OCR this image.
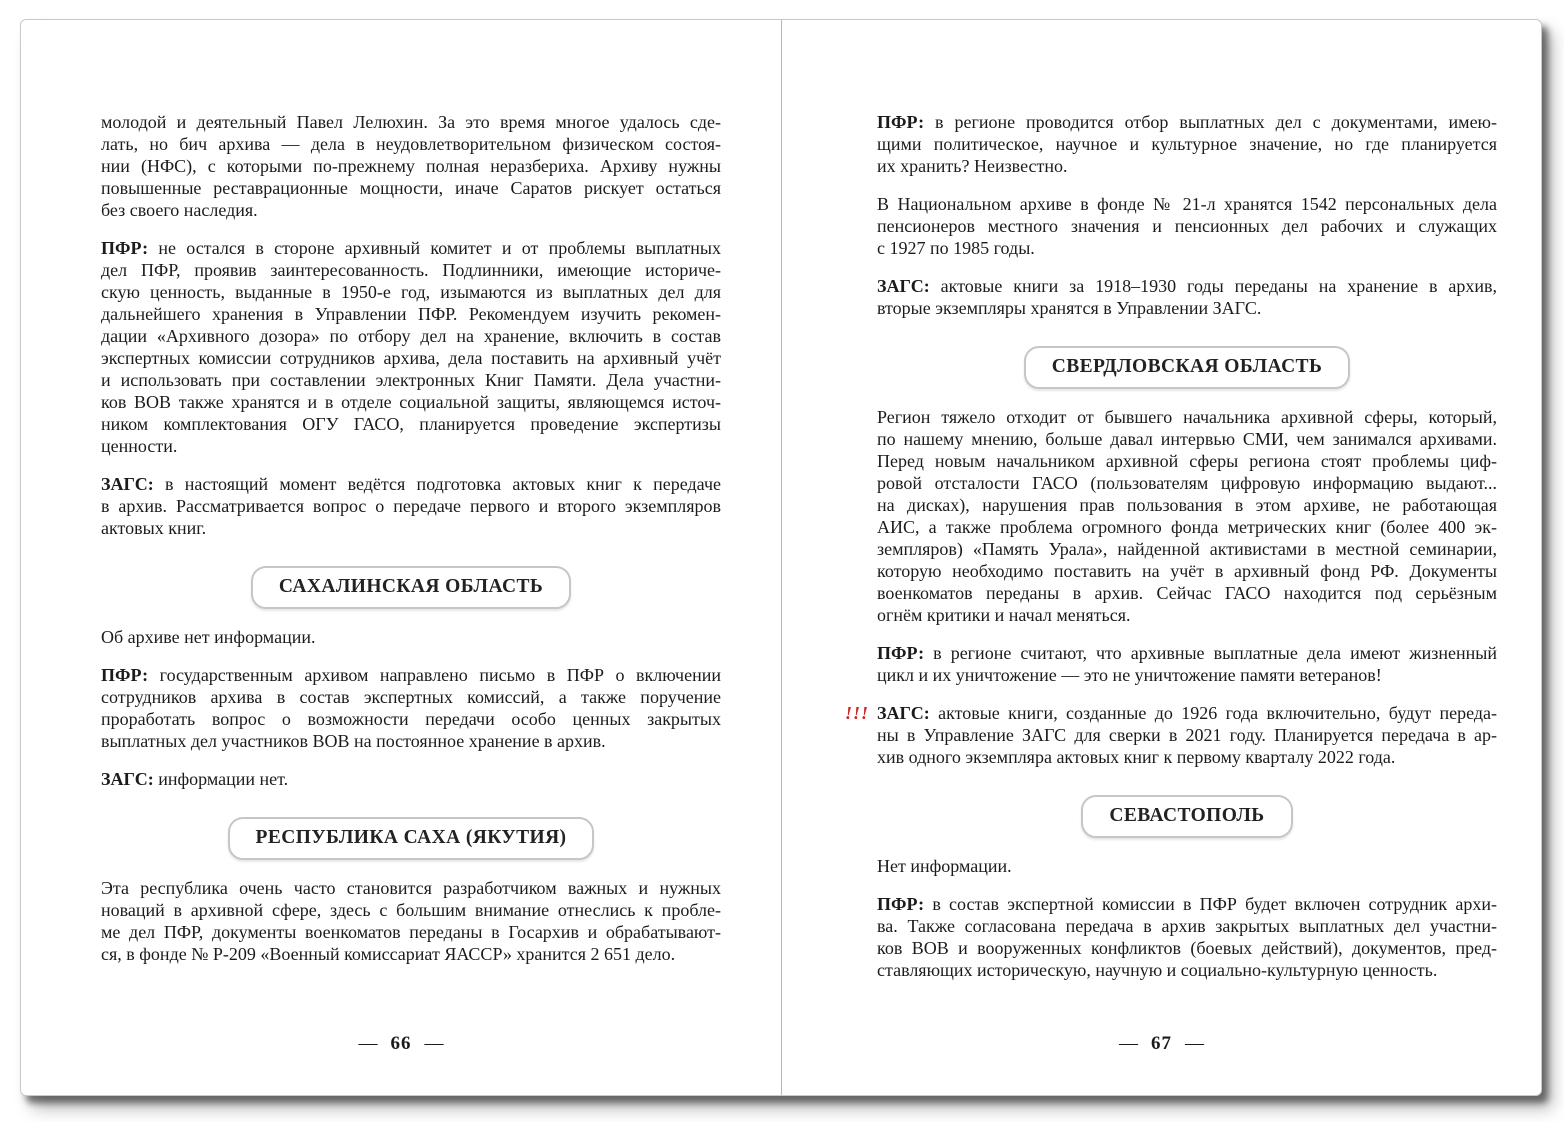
молодой и деятельный Павел Лелюхин. За это время многое удалось сде-
лать, но бич архива — дела в неудовлетворительном физическом состоя-
нии (НФС), с которыми по-прежнему полная неразбериха. Архиву нужны
повышенные реставрационные мощности, иначе Саратов рискует остаться
без своего наследия.
ПФР: не остался в стороне архивный комитет и от проблемы выплатных
дел ПФР, проявив заинтересованность. Подлинники, имеющие историче-
скую ценность, выданные в 1950-е год, изымаются из выплатных дел для
дальнейшего хранения в Управлении ПФР. Рекомендуем изучить рекомен-
дации «Архивного дозора» по отбору дел на хранение, включить в состав
экспертных комиссии сотрудников архива, дела поставить на архивный учёт
и использовать при составлении электронных Книг Памяти. Дела участни-
ков ВОВ также хранятся и в отделе социальной защиты, являющемся источ-
ником комплектования ОГУ ГАСО, планируется проведение экспертизы
ценности.
ЗАГС: в настоящий момент ведётся подготовка актовых книг к передаче
в архив. Рассматривается вопрос о передаче первого и второго экземпляров
актовых книг.
САХАЛИНСКАЯ ОБЛАСТЬ
Об архиве нет информации.
ПФР: государственным архивом направлено письмо в ПФР о включении
сотрудников архива в состав экспертных комиссий, а также поручение
проработать вопрос о возможности передачи особо ценных закрытых
выплатных дел участников ВОВ на постоянное хранение в архив.
ЗАГС: информации нет.
РЕСПУБЛИКА САХА (ЯКУТИЯ)
Эта республика очень часто становится разработчиком важных и нужных
новаций в архивной сфере, здесь с большим внимание отнеслись к пробле-
ме дел ПФР, документы военкоматов переданы в Госархив и обрабатывают-
ся, в фонде № Р-209 «Военный комиссариат ЯАССР» хранится 2 651 дело.
— 66 —
ПФР: в регионе проводится отбор выплатных дел с документами, имею-
щими политическое, научное и культурное значение, но где планируется
их хранить? Неизвестно.
В Национальном архиве в фонде № 21-л хранятся 1542 персональных дела
пенсионеров местного значения и пенсионных дел рабочих и служащих
с 1927 по 1985 годы.
ЗАГС: актовые книги за 1918–1930 годы переданы на хранение в архив,
вторые экземпляры хранятся в Управлении ЗАГС.
СВЕРДЛОВСКАЯ ОБЛАСТЬ
Регион тяжело отходит от бывшего начальника архивной сферы, который,
по нашему мнению, больше давал интервью СМИ, чем занимался архивами.
Перед новым начальником архивной сферы региона стоят проблемы циф-
ровой отсталости ГАСО (пользователям цифровую информацию выдают...
на дисках), нарушения прав пользования в этом архиве, не работающая
АИС, а также проблема огромного фонда метрических книг (более 400 эк-
земпляров) «Память Урала», найденной активистами в местной семинарии,
которую необходимо поставить на учёт в архивный фонд РФ. Документы
военкоматов переданы в архив. Сейчас ГАСО находится под серьёзным
огнём критики и начал меняться.
ПФР: в регионе считают, что архивные выплатные дела имеют жизненный
цикл и их уничтожение — это не уничтожение памяти ветеранов!
!!! ЗАГС: актовые книги, созданные до 1926 года включительно, будут переда-
ны в Управление ЗАГС для сверки в 2021 году. Планируется передача в ар-
хив одного экземпляра актовых книг к первому кварталу 2022 года.
СЕВАСТОПОЛЬ
Нет информации.
ПФР: в состав экспертной комиссии в ПФР будет включен сотрудник архи-
ва. Также согласована передача в архив закрытых выплатных дел участни-
ков ВОВ и вооруженных конфликтов (боевых действий), документов, пред-
ставляющих историческую, научную и социально-культурную ценность.
— 67 —
